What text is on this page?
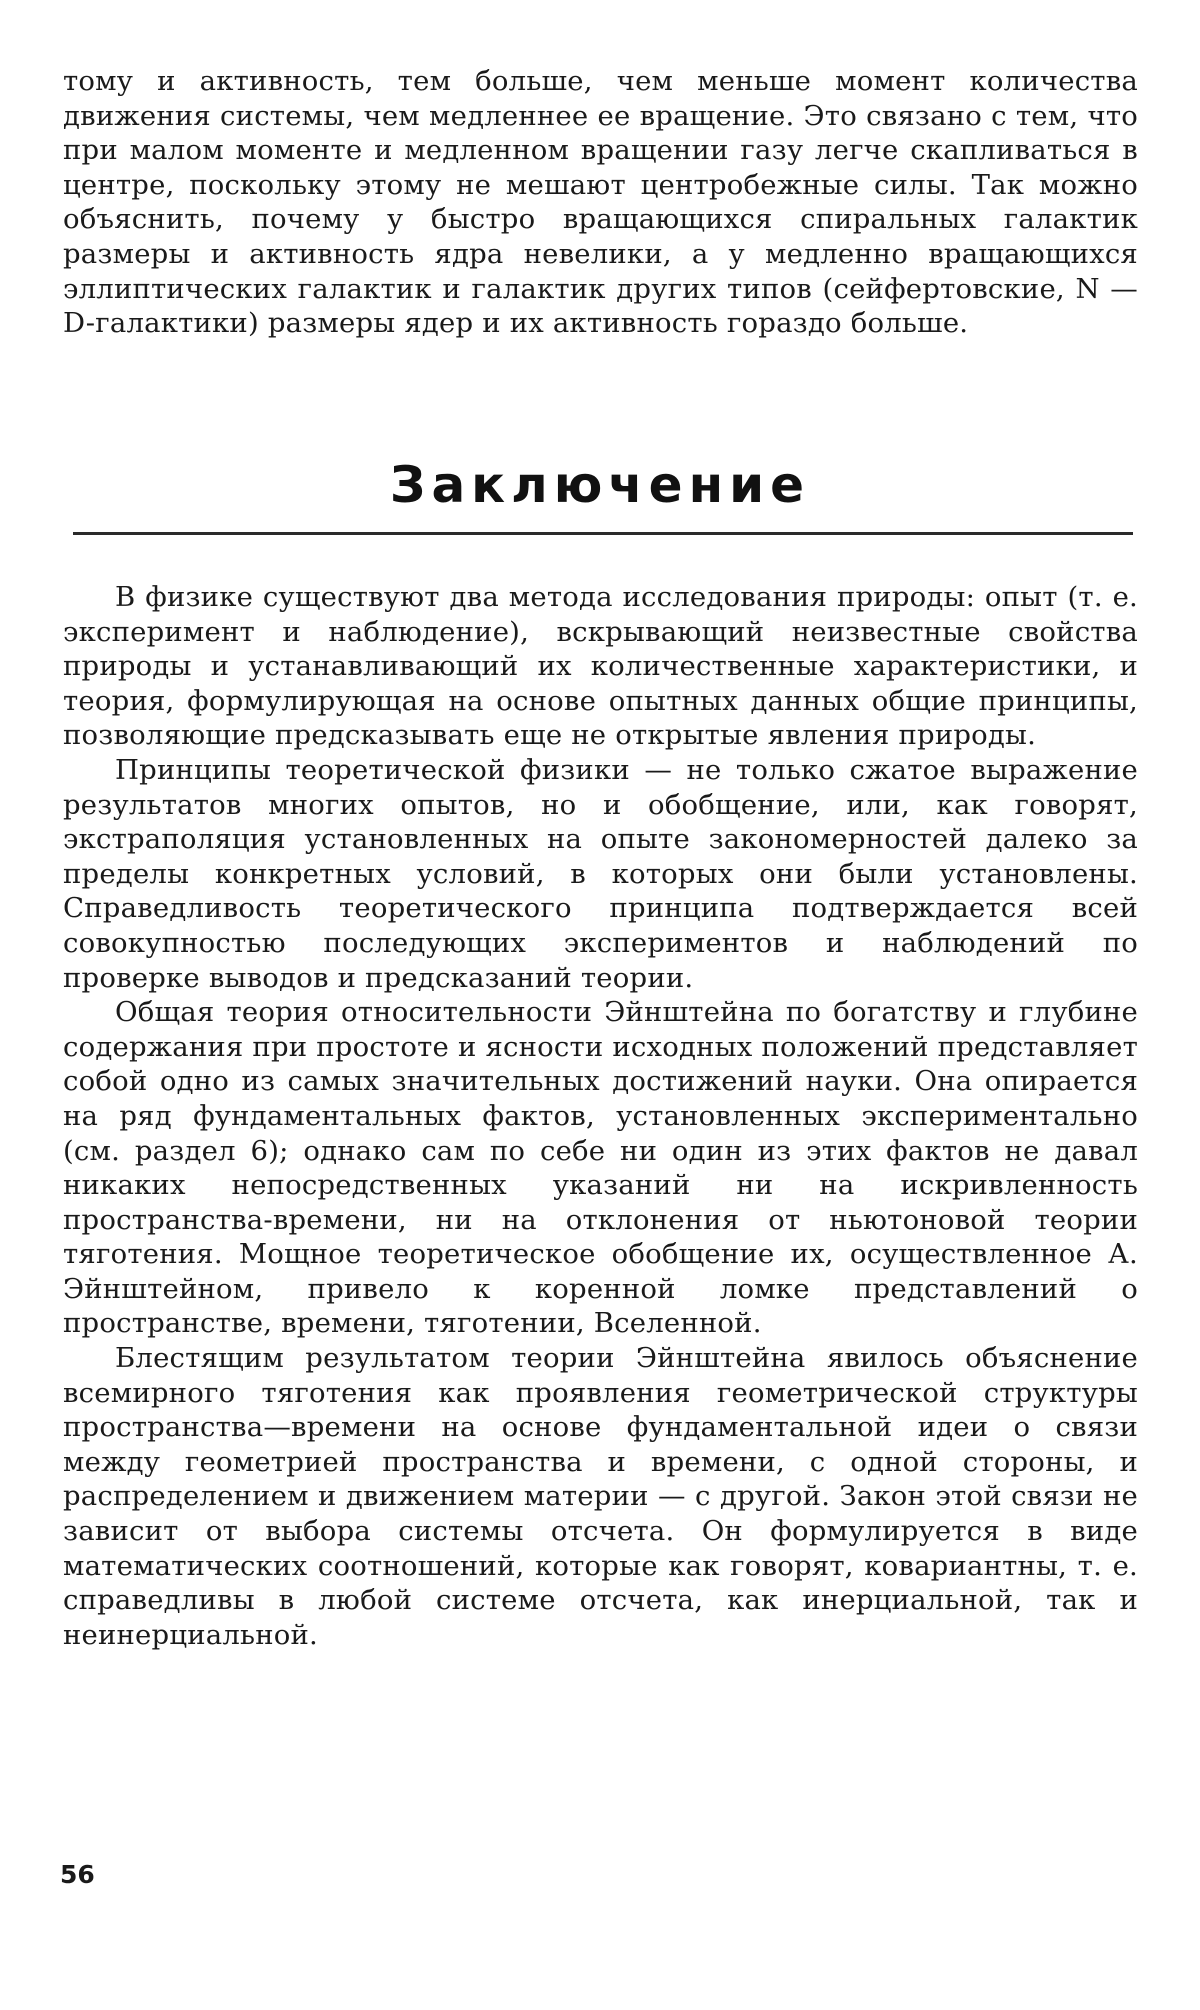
тому и активность, тем больше, чем меньше момент количества движения системы, чем медленнее ее вращение. Это связано с тем, что при малом моменте и медленном вращении газу легче скапливаться в центре, поскольку этому не мешают центробежные силы. Так можно объяснить, почему у быстро вращающихся спиральных галактик размеры и активность ядра невелики, а у медленно вращающихся эллиптических галактик и галактик других типов (сейфертовские, N — D-галактики) размеры ядер и их активность гораздо больше.

Заключение

В физике существуют два метода исследования природы: опыт (т. е. эксперимент и наблюдение), вскрывающий неизвестные свойства природы и устанавливающий их количественные характеристики, и теория, формулирующая на основе опытных данных общие принципы, позволяющие предсказывать еще не открытые явления природы.

Принципы теоретической физики — не только сжатое выражение результатов многих опытов, но и обобщение, или, как говорят, экстраполяция установленных на опыте закономерностей далеко за пределы конкретных условий, в которых они были установлены. Справедливость теоретического принципа подтверждается всей совокупностью последующих экспериментов и наблюдений по проверке выводов и предсказаний теории.

Общая теория относительности Эйнштейна по богатству и глубине содержания при простоте и ясности исходных положений представляет собой одно из самых значительных достижений науки. Она опирается на ряд фундаментальных фактов, установленных экспериментально (см. раздел 6); однако сам по себе ни один из этих фактов не давал никаких непосредственных указаний ни на искривленность пространства-времени, ни на отклонения от ньютоновой теории тяготения. Мощное теоретическое обобщение их, осуществленное А. Эйнштейном, привело к коренной ломке представлений о пространстве, времени, тяготении, Вселенной.

Блестящим результатом теории Эйнштейна явилось объяснение всемирного тяготения как проявления геометрической структуры пространства—времени на основе фундаментальной идеи о связи между геометрией пространства и времени, с одной стороны, и распределением и движением материи — с другой. Закон этой связи не зависит от выбора системы отсчета. Он формулируется в виде математических соотношений, которые как говорят, ковариантны, т. е. справедливы в любой системе отсчета, как инерциальной, так и неинерциальной.

56
